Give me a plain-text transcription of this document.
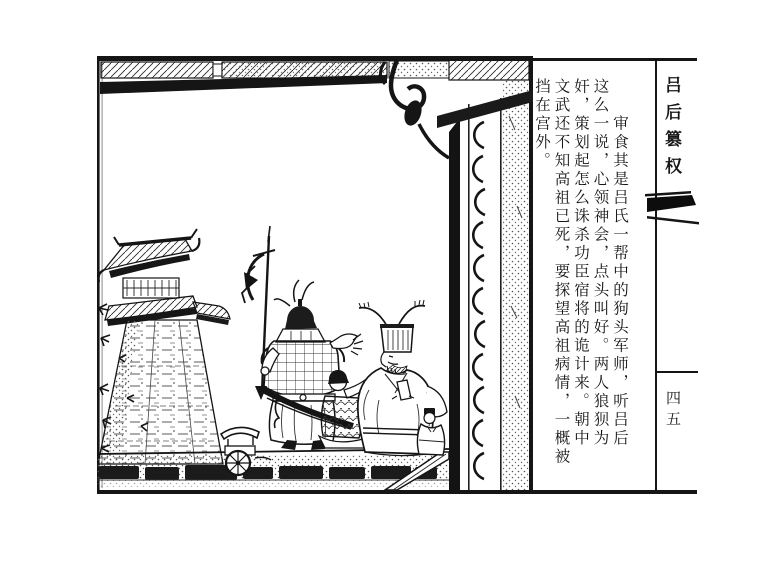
　　审食其是吕氏一帮中的狗头军师，听吕后
这么一说，心领神会，点头叫好。两人狼狈为
奸，策划起怎么诛杀功臣宿将的诡计来。朝中
文武还不知高祖已死，要探望高祖病情，一概被
挡在宫外。	吕后篡权
四五
